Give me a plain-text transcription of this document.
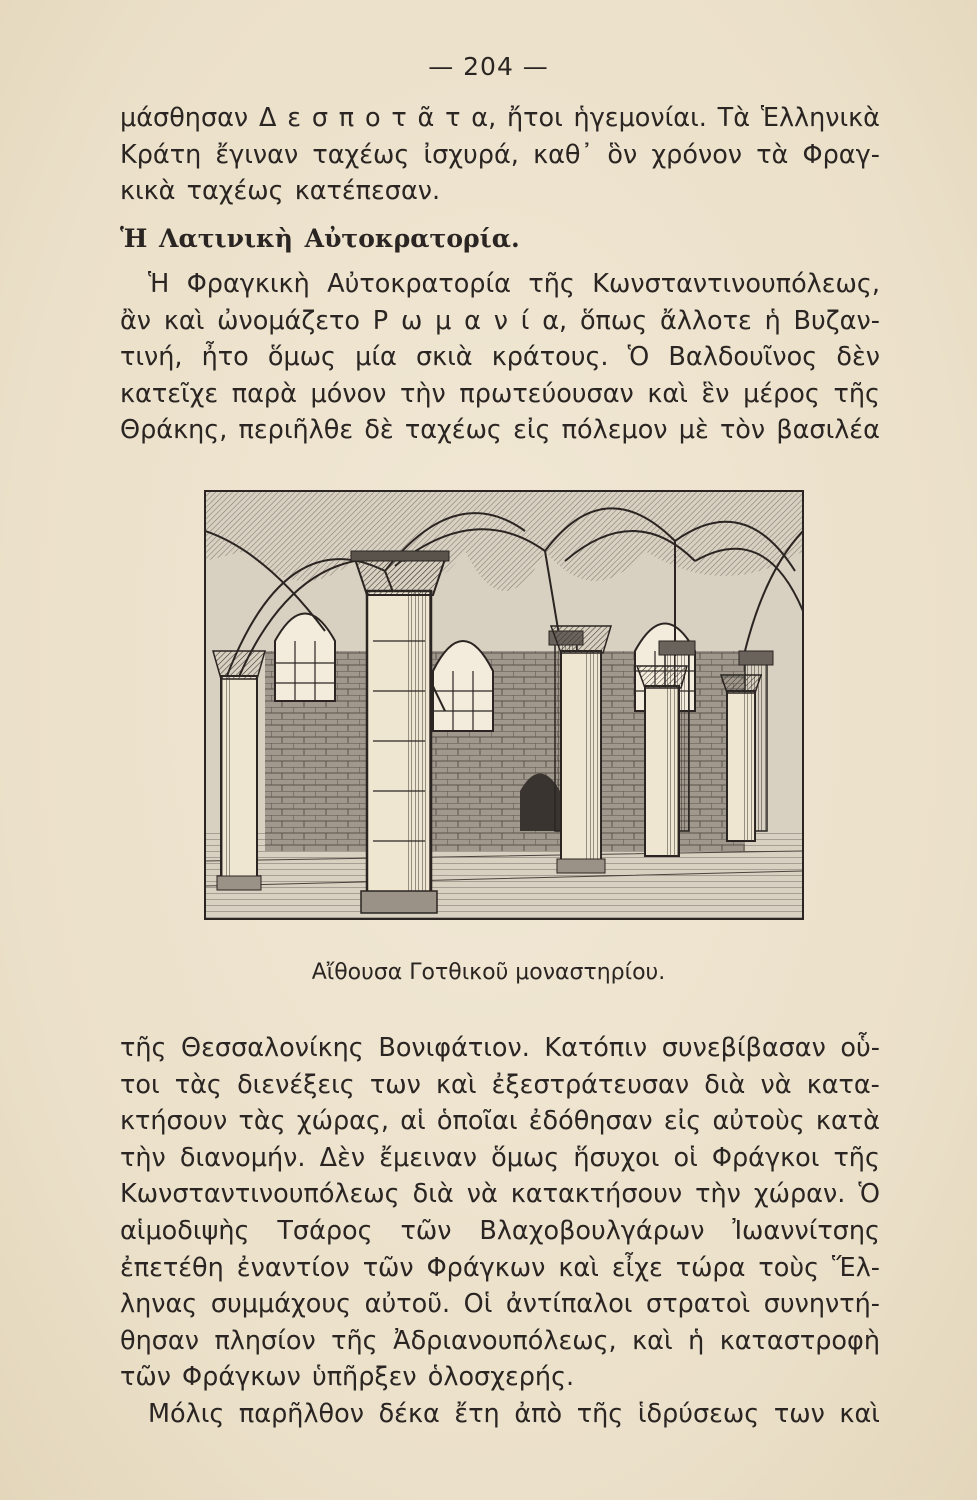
— 204 —
μάσθησαν Δ ε σ π ο τ ᾶ τ α, ἤτοι ἡγεμονίαι. Τὰ Ἑλληνικὰ
Κράτη ἔγιναν ταχέως ἰσχυρά, καθ᾽ ὃν χρόνον τὰ Φραγ-
κικὰ ταχέως κατέπεσαν.
Ἡ Λατινικὴ Αὐτοκρατορία.
Ἡ Φραγκικὴ Αὐτοκρατορία τῆς Κωνσταντινουπόλεως,
ἂν καὶ ὠνομάζετο Ρ ω μ α ν ί α, ὅπως ἄλλοτε ἡ Βυζαν-
τινή, ἦτο ὅμως μία σκιὰ κράτους. Ὁ Βαλδουῖνος δὲν
κατεῖχε παρὰ μόνον τὴν πρωτεύουσαν καὶ ἓν μέρος τῆς
Θράκης, περιῆλθε δὲ ταχέως εἰς πόλεμον μὲ τὸν βασιλέα
Αἴθουσα Γοτθικοῦ μοναστηρίου.
τῆς Θεσσαλονίκης Βονιφάτιον. Κατόπιν συνεβίβασαν οὗ-
τοι τὰς διενέξεις των καὶ ἐξεστράτευσαν διὰ νὰ κατα-
κτήσουν τὰς χώρας, αἱ ὁποῖαι ἐδόθησαν εἰς αὐτοὺς κατὰ
τὴν διανομήν. Δὲν ἔμειναν ὅμως ἥσυχοι οἱ Φράγκοι τῆς
Κωνσταντινουπόλεως διὰ νὰ κατακτήσουν τὴν χώραν. Ὁ
αἱμοδιψὴς Τσάρος τῶν Βλαχοβουλγάρων Ἰωαννίτσης
ἐπετέθη ἐναντίον τῶν Φράγκων καὶ εἶχε τώρα τοὺς Ἕλ-
ληνας συμμάχους αὐτοῦ. Οἱ ἀντίπαλοι στρατοὶ συνηντή-
θησαν πλησίον τῆς Ἀδριανουπόλεως, καὶ ἡ καταστροφὴ
τῶν Φράγκων ὑπῆρξεν ὁλοσχερής.
Μόλις παρῆλθον δέκα ἔτη ἀπὸ τῆς ἱδρύσεως των καὶ
